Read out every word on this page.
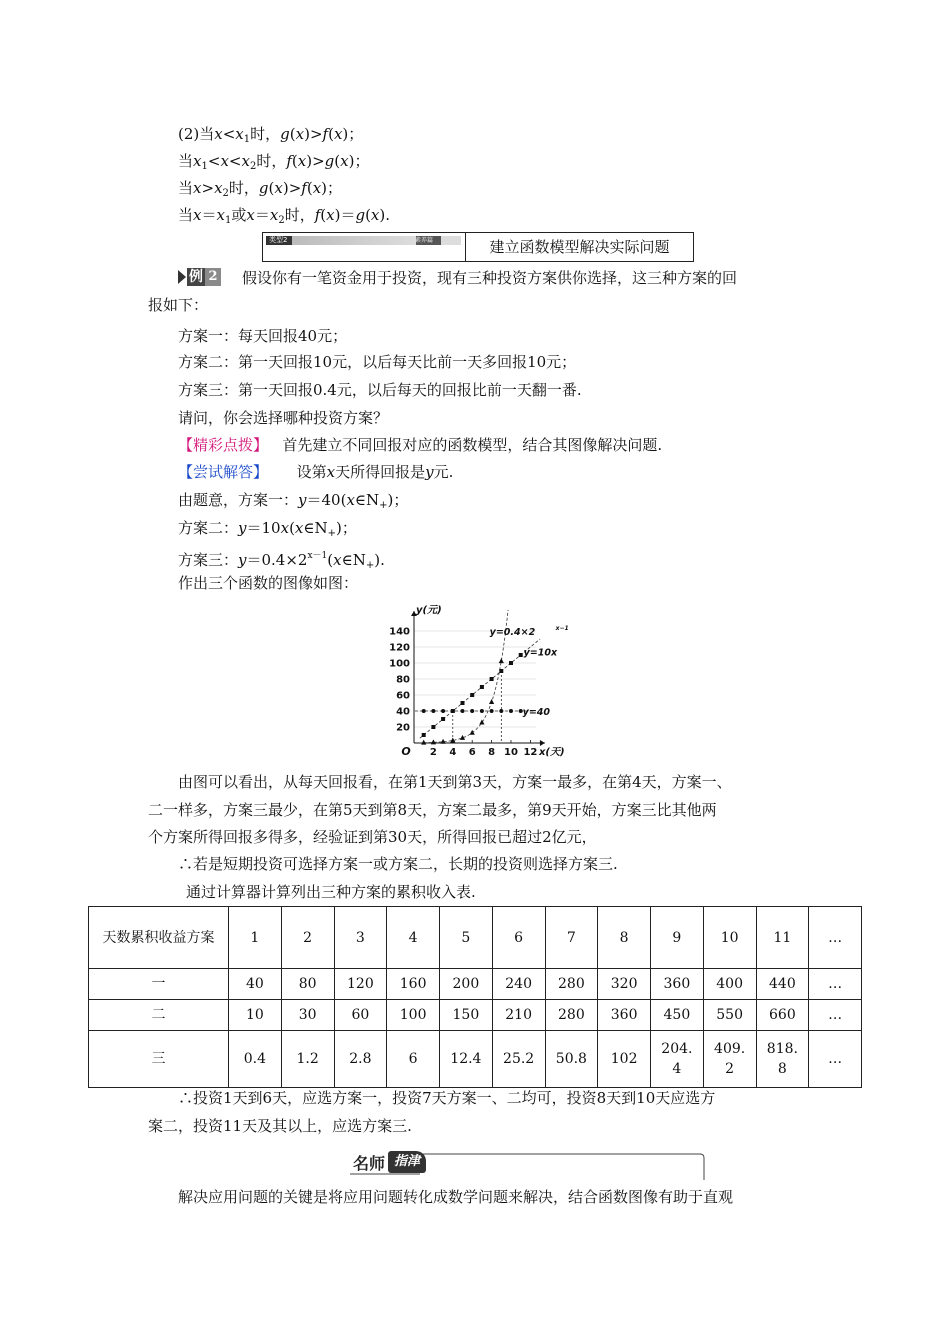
(2)当$x<x_1$时，g(x)>f(x)；
当$x_1<x<x_2$时，f(x)>g(x)；
当$x>x_2$时，g(x)>f(x)；
当$x=x_1$或$x=x_2$时，f(x)＝g(x).
类型2	素养篇	建立函数模型解决实际问题
例 2 假设你有一笔资金用于投资，现有三种投资方案供你选择，这三种方案的回
报如下：
方案一：每天回报40元；
方案二：第一天回报10元，以后每天比前一天多回报10元；
方案三：第一天回报0.4元，以后每天的回报比前一天翻一番.
请问，你会选择哪种投资方案？
【精彩点拨】 首先建立不同回报对应的函数模型，结合其图像解决问题.
【尝试解答】 设第x天所得回报是y元.
由题意，方案一：$y=40(x\in N_+)$；
方案二：$y=10x(x\in N_+)$；
方案三：$y=0.4\times 2^{x-1}(x\in N_+)$.
作出三个函数的图像如图：
2 4 6 8 10 12
20
40
60
80
100
120
140
O	x(天)
y(元)
y=40
y=10x
y=0.4×2	x−1
由图可以看出，从每天回报看，在第1天到第3天，方案一最多，在第4天，方案一、
二一样多，方案三最少，在第5天到第8天，方案二最多，第9天开始，方案三比其他两
个方案所得回报多得多，经验证到第30天，所得回报已超过2亿元，
∴若是短期投资可选择方案一或方案二，长期的投资则选择方案三.
通过计算器计算列出三种方案的累积收入表.
天数累积收益方案	1	2	3	4	5	6	7	8	9	10	11	…
一	40	80	120	160	200	240	280	320	360	400	440	…
二	10	30	60	100	150	210	280	360	450	550	660	…
三	0.4	1.2	2.8	6	12.4	25.2	50.8	102	204.4	409.2	818.8	…
∴投资1天到6天，应选方案一，投资7天方案一、二均可，投资8天到10天应选方
案二，投资11天及其以上，应选方案三.
名师 指津
解决应用问题的关键是将应用问题转化成数学问题来解决，结合函数图像有助于直观
